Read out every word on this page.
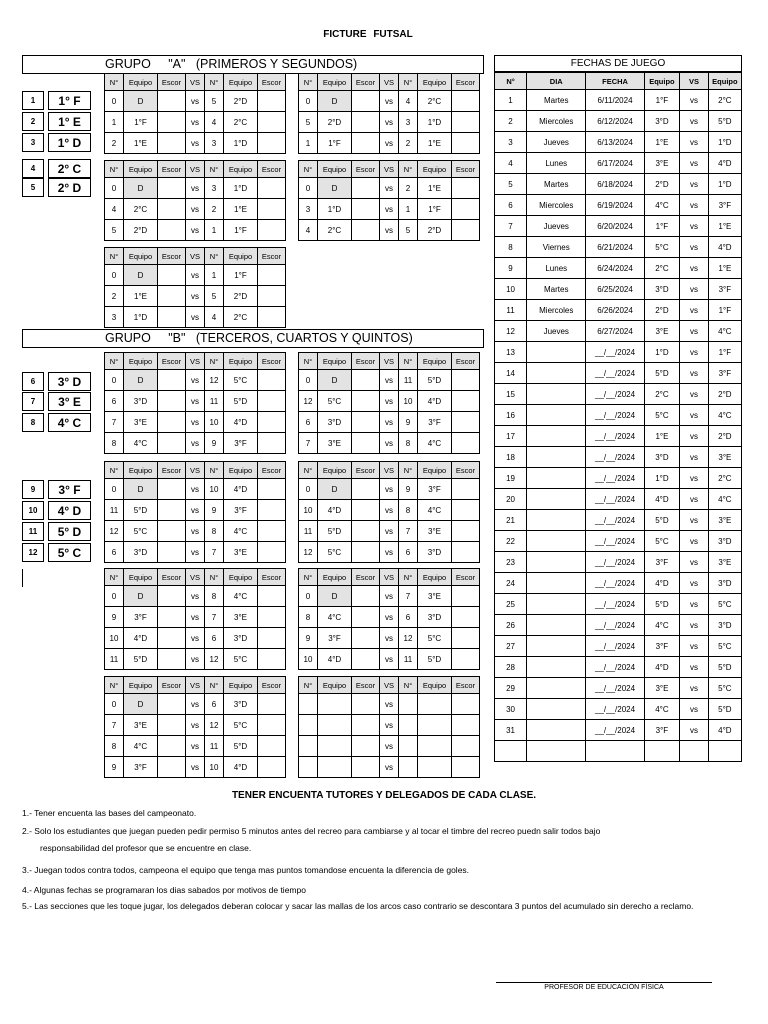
FICTURE FUTSAL
GRUPO     "A"   (PRIMEROS Y SEGUNDOS)
GRUPO     "B"   (TERCEROS, CUARTOS Y QUINTOS)
FECHAS DE JUEGO
1	1° F
2	1° E
3	1° D
4	2° C
5	2° D
6	3° D
7	3° E
8	4° C
9	3° F
10	4° D
11	5° D
12	5° C
N°	Equipo	Escor	VS	N°	Equipo	Escor
0	D		vs	5	2°D	
1	1°F		vs	4	2°C	
2	1°E		vs	3	1°D	
N°	Equipo	Escor	VS	N°	Equipo	Escor
0	D		vs	4	2°C	
5	2°D		vs	3	1°D	
1	1°F		vs	2	1°E	
N°	Equipo	Escor	VS	N°	Equipo	Escor
0	D		vs	3	1°D	
4	2°C		vs	2	1°E	
5	2°D		vs	1	1°F	
N°	Equipo	Escor	VS	N°	Equipo	Escor
0	D		vs	2	1°E	
3	1°D		vs	1	1°F	
4	2°C		vs	5	2°D	
N°	Equipo	Escor	VS	N°	Equipo	Escor
0	D		vs	1	1°F	
2	1°E		vs	5	2°D	
3	1°D		vs	4	2°C	
N°	Equipo	Escor	VS	N°	Equipo	Escor
0	D		vs	12	5°C	
6	3°D		vs	11	5°D	
7	3°E		vs	10	4°D	
8	4°C		vs	9	3°F	
N°	Equipo	Escor	VS	N°	Equipo	Escor
0	D		vs	11	5°D	
12	5°C		vs	10	4°D	
6	3°D		vs	9	3°F	
7	3°E		vs	8	4°C	
N°	Equipo	Escor	VS	N°	Equipo	Escor
0	D		vs	10	4°D	
11	5°D		vs	9	3°F	
12	5°C		vs	8	4°C	
6	3°D		vs	7	3°E	
N°	Equipo	Escor	VS	N°	Equipo	Escor
0	D		vs	9	3°F	
10	4°D		vs	8	4°C	
11	5°D		vs	7	3°E	
12	5°C		vs	6	3°D	
N°	Equipo	Escor	VS	N°	Equipo	Escor
0	D		vs	8	4°C	
9	3°F		vs	7	3°E	
10	4°D		vs	6	3°D	
11	5°D		vs	12	5°C	
N°	Equipo	Escor	VS	N°	Equipo	Escor
0	D		vs	7	3°E	
8	4°C		vs	6	3°D	
9	3°F		vs	12	5°C	
10	4°D		vs	11	5°D	
N°	Equipo	Escor	VS	N°	Equipo	Escor
0	D		vs	6	3°D	
7	3°E		vs	12	5°C	
8	4°C		vs	11	5°D	
9	3°F		vs	10	4°D	
N°	Equipo	Escor	VS	N°	Equipo	Escor
			vs			
			vs			
			vs			
			vs			
N°	DIA	FECHA	Equipo	VS	Equipo
1	Martes	6/11/2024	1°F	vs	2°C
2	Miercoles	6/12/2024	3°D	vs	5°D
3	Jueves	6/13/2024	1°E	vs	1°D
4	Lunes	6/17/2024	3°E	vs	4°D
5	Martes	6/18/2024	2°D	vs	1°D
6	Miercoles	6/19/2024	4°C	vs	3°F
7	Jueves	6/20/2024	1°F	vs	1°E
8	Viernes	6/21/2024	5°C	vs	4°D
9	Lunes	6/24/2024	2°C	vs	1°E
10	Martes	6/25/2024	3°D	vs	3°F
11	Miercoles	6/26/2024	2°D	vs	1°F
12	Jueves	6/27/2024	3°E	vs	4°C
13		__/__/2024	1°D	vs	1°F
14		__/__/2024	5°D	vs	3°F
15		__/__/2024	2°C	vs	2°D
16		__/__/2024	5°C	vs	4°C
17		__/__/2024	1°E	vs	2°D
18		__/__/2024	3°D	vs	3°E
19		__/__/2024	1°D	vs	2°C
20		__/__/2024	4°D	vs	4°C
21		__/__/2024	5°D	vs	3°E
22		__/__/2024	5°C	vs	3°D
23		__/__/2024	3°F	vs	3°E
24		__/__/2024	4°D	vs	3°D
25		__/__/2024	5°D	vs	5°C
26		__/__/2024	4°C	vs	3°D
27		__/__/2024	3°F	vs	5°C
28		__/__/2024	4°D	vs	5°D
29		__/__/2024	3°E	vs	5°C
30		__/__/2024	4°C	vs	5°D
31		__/__/2024	3°F	vs	4°D

TENER ENCUENTA TUTORES Y DELEGADOS DE CADA CLASE.
1.- Tener encuenta las bases del campeonato.
2.- Solo los estudiantes que juegan pueden pedir permiso 5 minutos antes del recreo para cambiarse y al tocar el timbre del recreo puedn salir todos bajo
responsabilidad del profesor que se encuentre en clase.
3.- Juegan todos contra todos, campeona el equipo que tenga mas puntos tomandose encuenta la diferencia de goles.
4.- Algunas fechas se programaran los dias sabados por motivos de tiempo
5.- Las secciones que les toque jugar, los delegados deberan colocar y sacar las mallas de los arcos caso contrario se descontara 3 puntos del acumulado sin derecho a reclamo.
PROFESOR DE EDUCACIÓN FÍSICA
